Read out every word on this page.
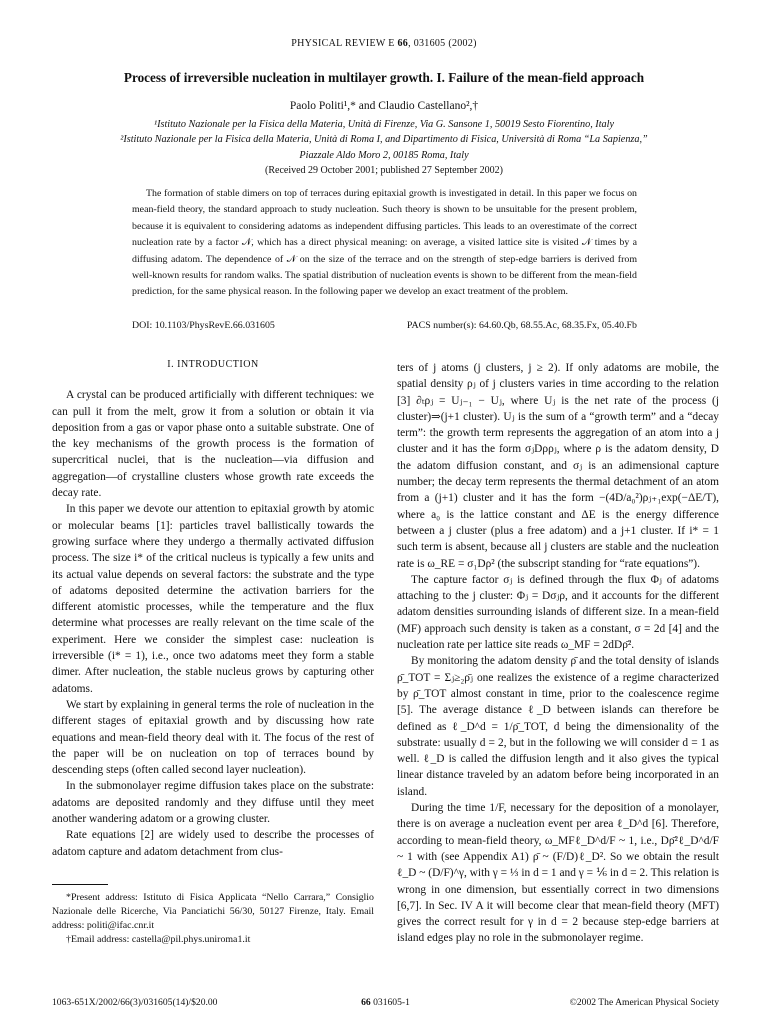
PHYSICAL REVIEW E 66, 031605 (2002)
Process of irreversible nucleation in multilayer growth. I. Failure of the mean-field approach
Paolo Politi¹,* and Claudio Castellano²,†
¹Istituto Nazionale per la Fisica della Materia, Unità di Firenze, Via G. Sansone 1, 50019 Sesto Fiorentino, Italy
²Istituto Nazionale per la Fisica della Materia, Unità di Roma I, and Dipartimento di Fisica, Università di Roma “La Sapienza,”
Piazzale Aldo Moro 2, 00185 Roma, Italy
(Received 29 October 2001; published 27 September 2002)
The formation of stable dimers on top of terraces during epitaxial growth is investigated in detail. In this paper we focus on mean-field theory, the standard approach to study nucleation. Such theory is shown to be unsuitable for the present problem, because it is equivalent to considering adatoms as independent diffusing particles. This leads to an overestimate of the correct nucleation rate by a factor 𝒩, which has a direct physical meaning: on average, a visited lattice site is visited 𝒩 times by a diffusing adatom. The dependence of 𝒩 on the size of the terrace and on the strength of step-edge barriers is derived from well-known results for random walks. The spatial distribution of nucleation events is shown to be different from the mean-field prediction, for the same physical reason. In the following paper we develop an exact treatment of the problem.
DOI: 10.1103/PhysRevE.66.031605	PACS number(s): 64.60.Qb, 68.55.Ac, 68.35.Fx, 05.40.Fb
I. INTRODUCTION

A crystal can be produced artificially with different techniques: we can pull it from the melt, grow it from a solution or obtain it via deposition from a gas or vapor phase onto a suitable substrate. One of the key mechanisms of the growth process is the formation of supercritical nuclei, that is the nucleation—via diffusion and aggregation—of crystalline clusters whose growth rate exceeds the decay rate.

In this paper we devote our attention to epitaxial growth by atomic or molecular beams [1]: particles travel ballistically towards the growing surface where they undergo a thermally activated diffusion process. The size i* of the critical nucleus is typically a few units and its actual value depends on several factors: the substrate and the type of adatoms deposited determine the activation barriers for the different atomistic processes, while the temperature and the flux determine what processes are really relevant on the time scale of the experiment. Here we consider the simplest case: nucleation is irreversible (i* = 1), i.e., once two adatoms meet they form a stable dimer. After nucleation, the stable nucleus grows by capturing other adatoms.

We start by explaining in general terms the role of nucleation in the different stages of epitaxial growth and by discussing how rate equations and mean-field theory deal with it. The focus of the rest of the paper will be on nucleation on top of terraces bound by descending steps (often called second layer nucleation).

In the submonolayer regime diffusion takes place on the substrate: adatoms are deposited randomly and they diffuse until they meet another wandering adatom or a growing cluster.

Rate equations [2] are widely used to describe the processes of adatom capture and adatom detachment from clus-

ters of j atoms (j clusters, j ≥ 2). If only adatoms are mobile, the spatial density ρⱼ of j clusters varies in time according to the relation [3] ∂ₜρⱼ = Uⱼ₋₁ − Uⱼ, where Uⱼ is the net rate of the process (j cluster)⇒(j+1 cluster). Uⱼ is the sum of a “growth term” and a “decay term”: the growth term represents the aggregation of an atom into a j cluster and it has the form σⱼDρρⱼ, where ρ is the adatom density, D the adatom diffusion constant, and σⱼ is an adimensional capture number; the decay term represents the thermal detachment of an atom from a (j+1) cluster and it has the form −(4D/a₀²)ρⱼ₊₁exp(−ΔE/T), where a₀ is the lattice constant and ΔE is the energy difference between a j cluster (plus a free adatom) and a j+1 cluster. If i* = 1 such term is absent, because all j clusters are stable and the nucleation rate is ω_RE = σ₁Dρ² (the subscript standing for “rate equations”).

The capture factor σⱼ is defined through the flux Φⱼ of adatoms attaching to the j cluster: Φⱼ = Dσⱼρ, and it accounts for the different adatom densities surrounding islands of different size. In a mean-field (MF) approach such density is taken as a constant, σ = 2d [4] and the nucleation rate per lattice site reads ω_MF = 2dDρ̄².

By monitoring the adatom density ρ̄ and the total density of islands ρ̄_TOT = Σⱼ≥₂ρ̄ⱼ one realizes the existence of a regime characterized by ρ̄_TOT almost constant in time, prior to the coalescence regime [5]. The average distance ℓ_D between islands can therefore be defined as ℓ_D^d = 1/ρ̄_TOT, d being the dimensionality of the substrate: usually d = 2, but in the following we will consider d = 1 as well. ℓ_D is called the diffusion length and it also gives the typical linear distance traveled by an adatom before being incorporated in an island.

During the time 1/F, necessary for the deposition of a monolayer, there is on average a nucleation event per area ℓ_D^d [6]. Therefore, according to mean-field theory, ω_MFℓ_D^d/F ~ 1, i.e., Dρ̄²ℓ_D^d/F ~ 1 with (see Appendix A1) ρ̄ ~ (F/D)ℓ_D². So we obtain the result ℓ_D ~ (D/F)^γ, with γ = ⅓ in d = 1 and γ = ⅙ in d = 2. This relation is wrong in one dimension, but essentially correct in two dimensions [6,7]. In Sec. IV A it will become clear that mean-field theory (MFT) gives the correct result for γ in d = 2 because step-edge barriers at island edges play no role in the submonolayer regime.

*Present address: Istituto di Fisica Applicata “Nello Carrara,” Consiglio Nazionale delle Ricerche, Via Panciatichi 56/30, 50127 Firenze, Italy. Email address: politi@ifac.cnr.it

†Email address: castella@pil.phys.uniroma1.it

1063-651X/2002/66(3)/031605(14)/$20.00	66 031605-1	©2002 The American Physical Society
